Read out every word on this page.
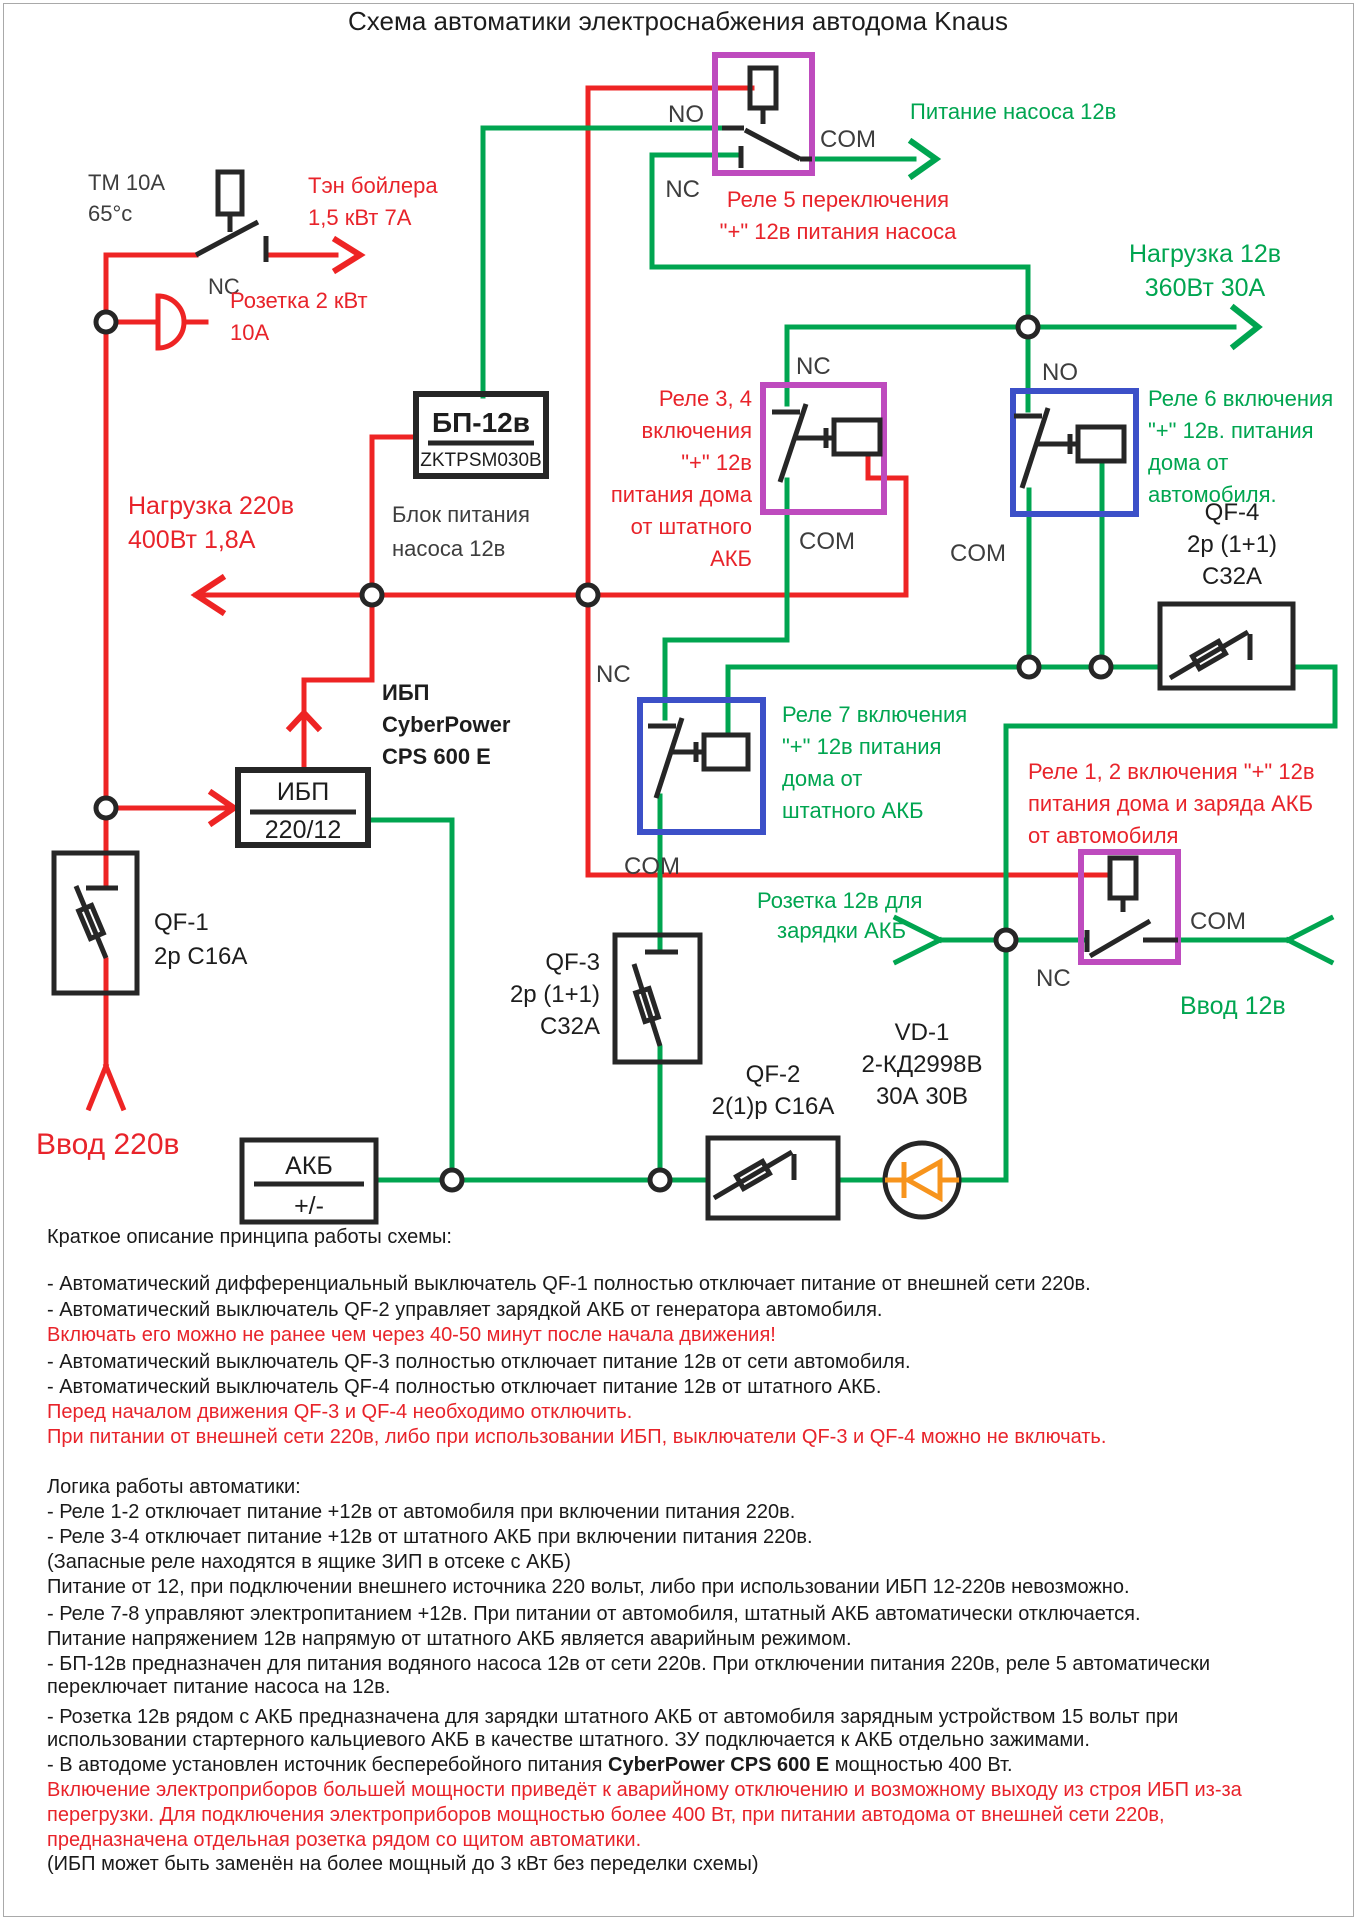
Схема автоматики электроснабжения автодома Knaus
ТМ 10А
65°с
Тэн бойлера
1,5 кВт 7А
NC
Розетка 2 кВт
10А
Нагрузка 220в
400Вт 1,8А
БП-12в
ZKTPSM030В
Блок питания
насоса 12в
Реле 5 переключения
"+" 12в питания насоса
Питание насоса 12в
NO
NC
COM
Нагрузка 12в
360Вт 30А
Реле 3, 4
включения
"+" 12в
питания дома
от штатного
АКБ
NC
COM
Реле 6 включения
"+" 12в. питания
дома от
автомобиля.
NO
COM
QF-4
2р (1+1)
С32А
Реле 7 включения
"+" 12в питания
дома от
штатного АКБ
NC
COM
Реле 1, 2 включения "+" 12в
питания дома и заряда АКБ
от автомобиля
Розетка 12в для
зарядки АКБ	COM
NC
Ввод 12в
ИБП
220/12
ИБП
CyberPower
CPS 600 E
QF-1
2р С16А
Ввод 220в
QF-3
2р (1+1)
С32А
QF-2
2(1)р С16А
VD-1
2-КД2998В
30А 30В
АКБ
+/-
Краткое описание принципа работы схемы:
- Автоматический дифференциальный выключатель QF-1 полностью отключает питание от внешней сети 220в.
- Автоматический выключатель QF-2 управляет зарядкой АКБ от генератора автомобиля.
Включать его можно не ранее чем через 40-50 минут после начала движения!
- Автоматический выключатель QF-3 полностью отключает питание 12в от сети автомобиля.
- Автоматический выключатель QF-4 полностью отключает питание 12в от штатного АКБ.
Перед началом движения QF-3 и QF-4 необходимо отключить.
При питании от внешней сети 220в, либо при использовании ИБП, выключатели QF-3 и QF-4 можно не включать.
Логика работы автоматики:
- Реле 1-2 отключает питание +12в от автомобиля при включении питания 220в.
- Реле 3-4 отключает питание +12в от штатного АКБ при включении питания 220в.
(Запасные реле находятся в ящике ЗИП в отсеке с АКБ)
Питание от 12, при подключении внешнего источника 220 вольт, либо при использовании ИБП 12-220в невозможно.
- Реле 7-8 управляют электропитанием +12в. При питании от автомобиля, штатный АКБ автоматически отключается.
Питание напряжением 12в напрямую от штатного АКБ является аварийным режимом.
- БП-12в предназначен для питания водяного насоса 12в от сети 220в. При отключении питания 220в, реле 5 автоматически
переключает питание насоса на 12в.
- Розетка 12в рядом с АКБ предназначена для зарядки штатного АКБ от автомобиля зарядным устройством 15 вольт при
использовании стартерного кальциевого АКБ в качестве штатного. ЗУ подключается к АКБ отдельно зажимами.
- В автодоме установлен источник бесперебойного питания CyberPower CPS 600 E мощностью 400 Вт.
Включение электроприборов большей мощности приведёт к аварийному отключению и возможному выходу из строя ИБП из-за
перегрузки. Для подключения электроприборов мощностью более 400 Вт, при питании автодома от внешней сети 220в,
предназначена отдельная розетка рядом со щитом автоматики.
(ИБП может быть заменён на более мощный до 3 кВт без переделки схемы)
